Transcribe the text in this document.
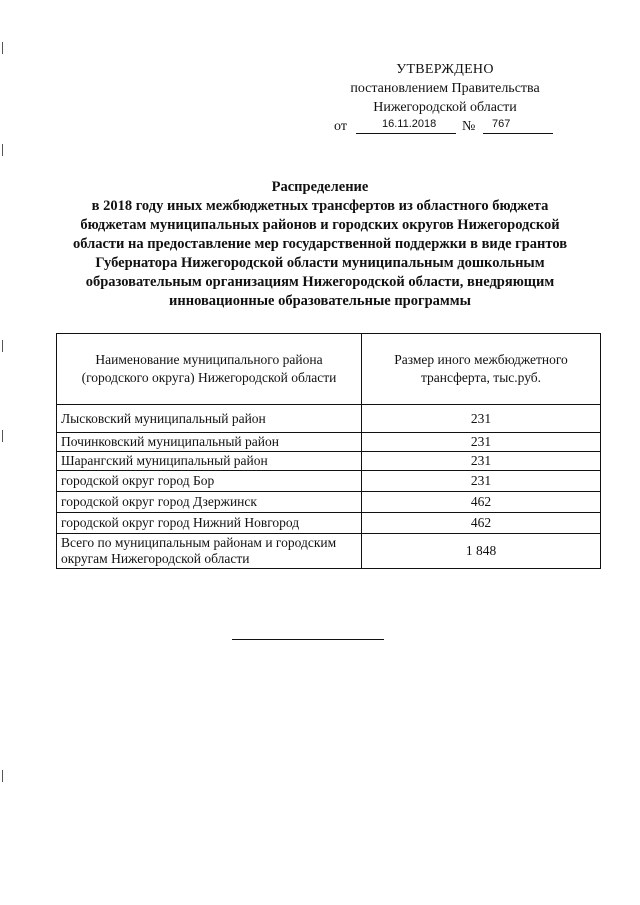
УТВЕРЖДЕНО
постановлением Правительства
Нижегородской области
от	16.11.2018 № 767
Распределение
в 2018 году иных межбюджетных трансфертов из областного бюджета
бюджетам муниципальных районов и городских округов Нижегородской
области на предоставление мер государственной поддержки в виде грантов
Губернатора Нижегородской области муниципальным дошкольным
образовательным организациям Нижегородской области, внедряющим
инновационные образовательные программы
Наименование муниципального района (городского округа) Нижегородской области	Размер иного межбюджетного трансферта, тыс.руб.
Лысковский муниципальный район	231
Починковский муниципальный район	231
Шарангский муниципальный район	231
городской округ город Бор	231
городской округ город Дзержинск	462
городской округ город Нижний Новгород	462
Всего по муниципальным районам и городским округам Нижегородской области	1 848
